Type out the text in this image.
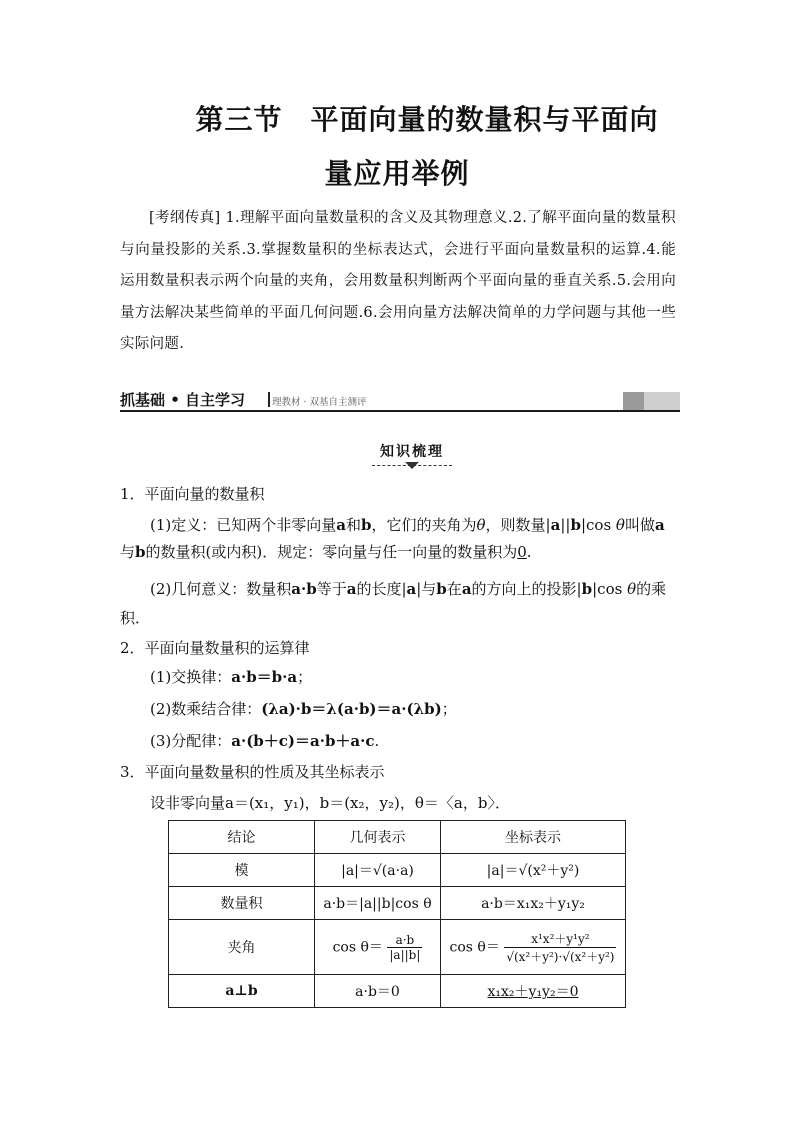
第三节 平面向量的数量积与平面向
量应用举例
[考纲传真] 1.理解平面向量数量积的含义及其物理意义.2.了解平面向量的数量积与向量投影的关系.3.掌握数量积的坐标表达式，会进行平面向量数量积的运算.4.能运用数量积表示两个向量的夹角，会用数量积判断两个平面向量的垂直关系.5.会用向量方法解决某些简单的平面几何问题.6.会用向量方法解决简单的力学问题与其他一些实际问题.
抓基础 • 自主学习	理教材 · 双基自主测评
知识梳理
1．平面向量的数量积
(1)定义：已知两个非零向量a和b，它们的夹角为θ，则数量|a||b|cos θ叫做a与b的数量积(或内积)．规定：零向量与任一向量的数量积为0.
(2)几何意义：数量积a·b等于a的长度|a|与b在a的方向上的投影|b|cos θ的乘积．
2．平面向量数量积的运算律
(1)交换律：a·b＝b·a；
(2)数乘结合律：(λa)·b＝λ(a·b)＝a·(λb)；
(3)分配律：a·(b＋c)＝a·b＋a·c.
3．平面向量数量积的性质及其坐标表示
设非零向量a＝(x₁，y₁)，b＝(x₂，y₂)，θ＝〈a，b〉．
结论	几何表示	坐标表示
模	|a|＝√(a·a)	|a|＝√(x²＋y²)
数量积	a·b＝|a||b|cos θ	a·b＝x₁x₂＋y₁y₂
夹角	$\cos \theta= \frac{a\cdot b}{|a||b|}$	$\cos \theta= \frac{\text{x¹x²＋y¹y²}}{\text{√(x²＋y²)·√(x²＋y²)}}$

a⊥b	a·b＝0	x₁x₂＋y₁y₂＝0
